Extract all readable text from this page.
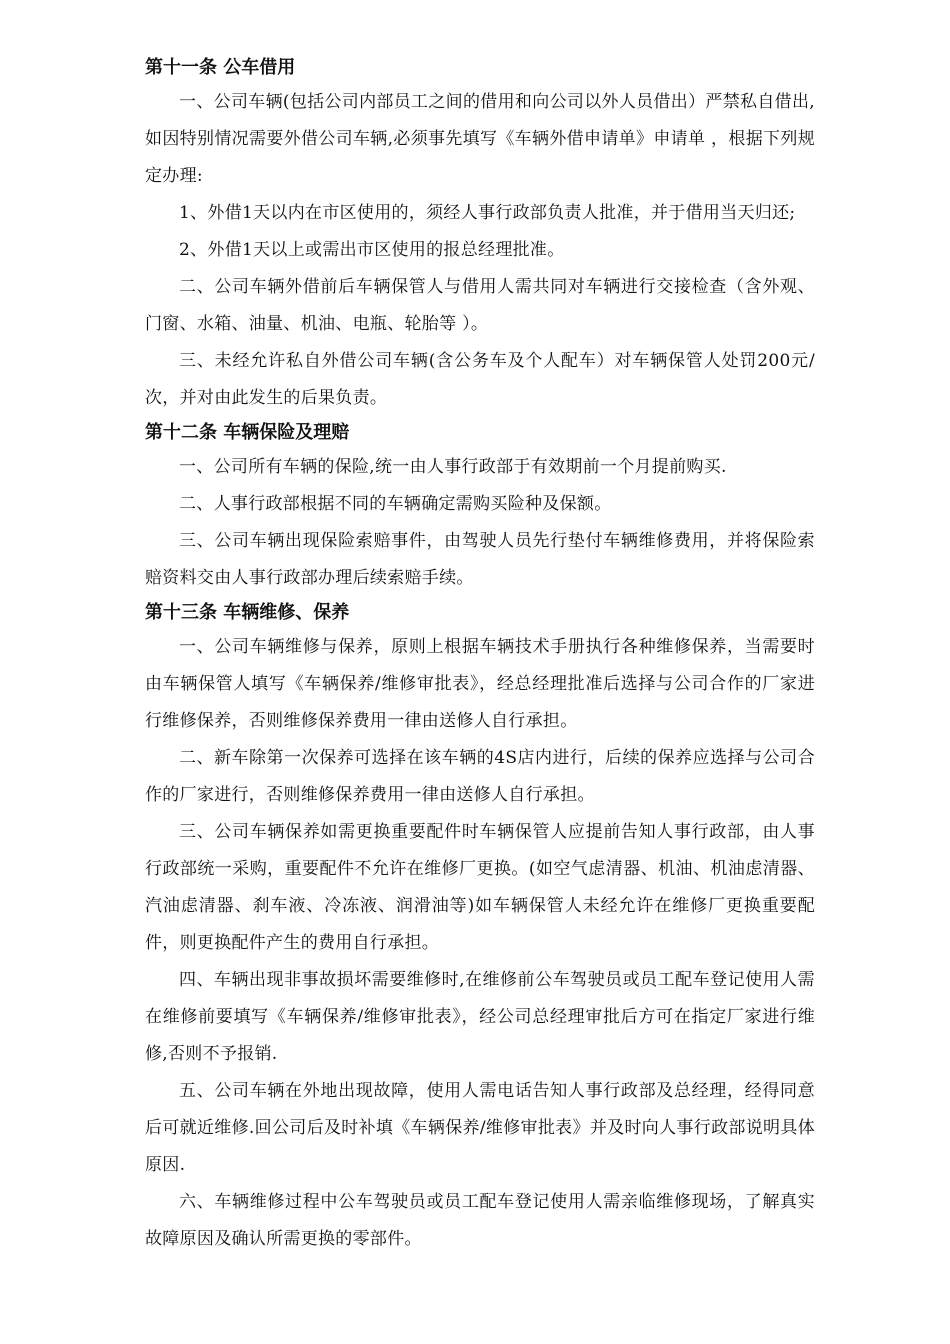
第十一条 公车借用

一、公司车辆(包括公司内部员工之间的借用和向公司以外人员借出）严禁私自借出,如因特别情况需要外借公司车辆,必须事先填写《车辆外借申请单》申请单 ，根据下列规定办理:

1、外借1天以内在市区使用的，须经人事行政部负责人批准，并于借用当天归还;

2、外借1天以上或需出市区使用的报总经理批准。

二、公司车辆外借前后车辆保管人与借用人需共同对车辆进行交接检查（含外观、门窗、水箱、油量、机油、电瓶、轮胎等 ）。

三、未经允许私自外借公司车辆(含公务车及个人配车）对车辆保管人处罚200元/次，并对由此发生的后果负责。

第十二条 车辆保险及理赔

一、公司所有车辆的保险,统一由人事行政部于有效期前一个月提前购买.

二、人事行政部根据不同的车辆确定需购买险种及保额。

三、公司车辆出现保险索赔事件，由驾驶人员先行垫付车辆维修费用，并将保险索赔资料交由人事行政部办理后续索赔手续。

第十三条 车辆维修、保养

一、公司车辆维修与保养，原则上根据车辆技术手册执行各种维修保养，当需要时由车辆保管人填写《车辆保养/维修审批表》，经总经理批准后选择与公司合作的厂家进行维修保养，否则维修保养费用一律由送修人自行承担。

二、新车除第一次保养可选择在该车辆的4S店内进行，后续的保养应选择与公司合作的厂家进行，否则维修保养费用一律由送修人自行承担。

三、公司车辆保养如需更换重要配件时车辆保管人应提前告知人事行政部，由人事行政部统一采购，重要配件不允许在维修厂更换。(如空气虑清器、机油、机油虑清器、汽油虑清器、刹车液、冷冻液、润滑油等)如车辆保管人未经允许在维修厂更换重要配件，则更换配件产生的费用自行承担。

四、车辆出现非事故损坏需要维修时,在维修前公车驾驶员或员工配车登记使用人需在维修前要填写《车辆保养/维修审批表》，经公司总经理审批后方可在指定厂家进行维修,否则不予报销.

五、公司车辆在外地出现故障，使用人需电话告知人事行政部及总经理，经得同意后可就近维修.回公司后及时补填《车辆保养/维修审批表》并及时向人事行政部说明具体原因.

六、车辆维修过程中公车驾驶员或员工配车登记使用人需亲临维修现场，了解真实故障原因及确认所需更换的零部件。
